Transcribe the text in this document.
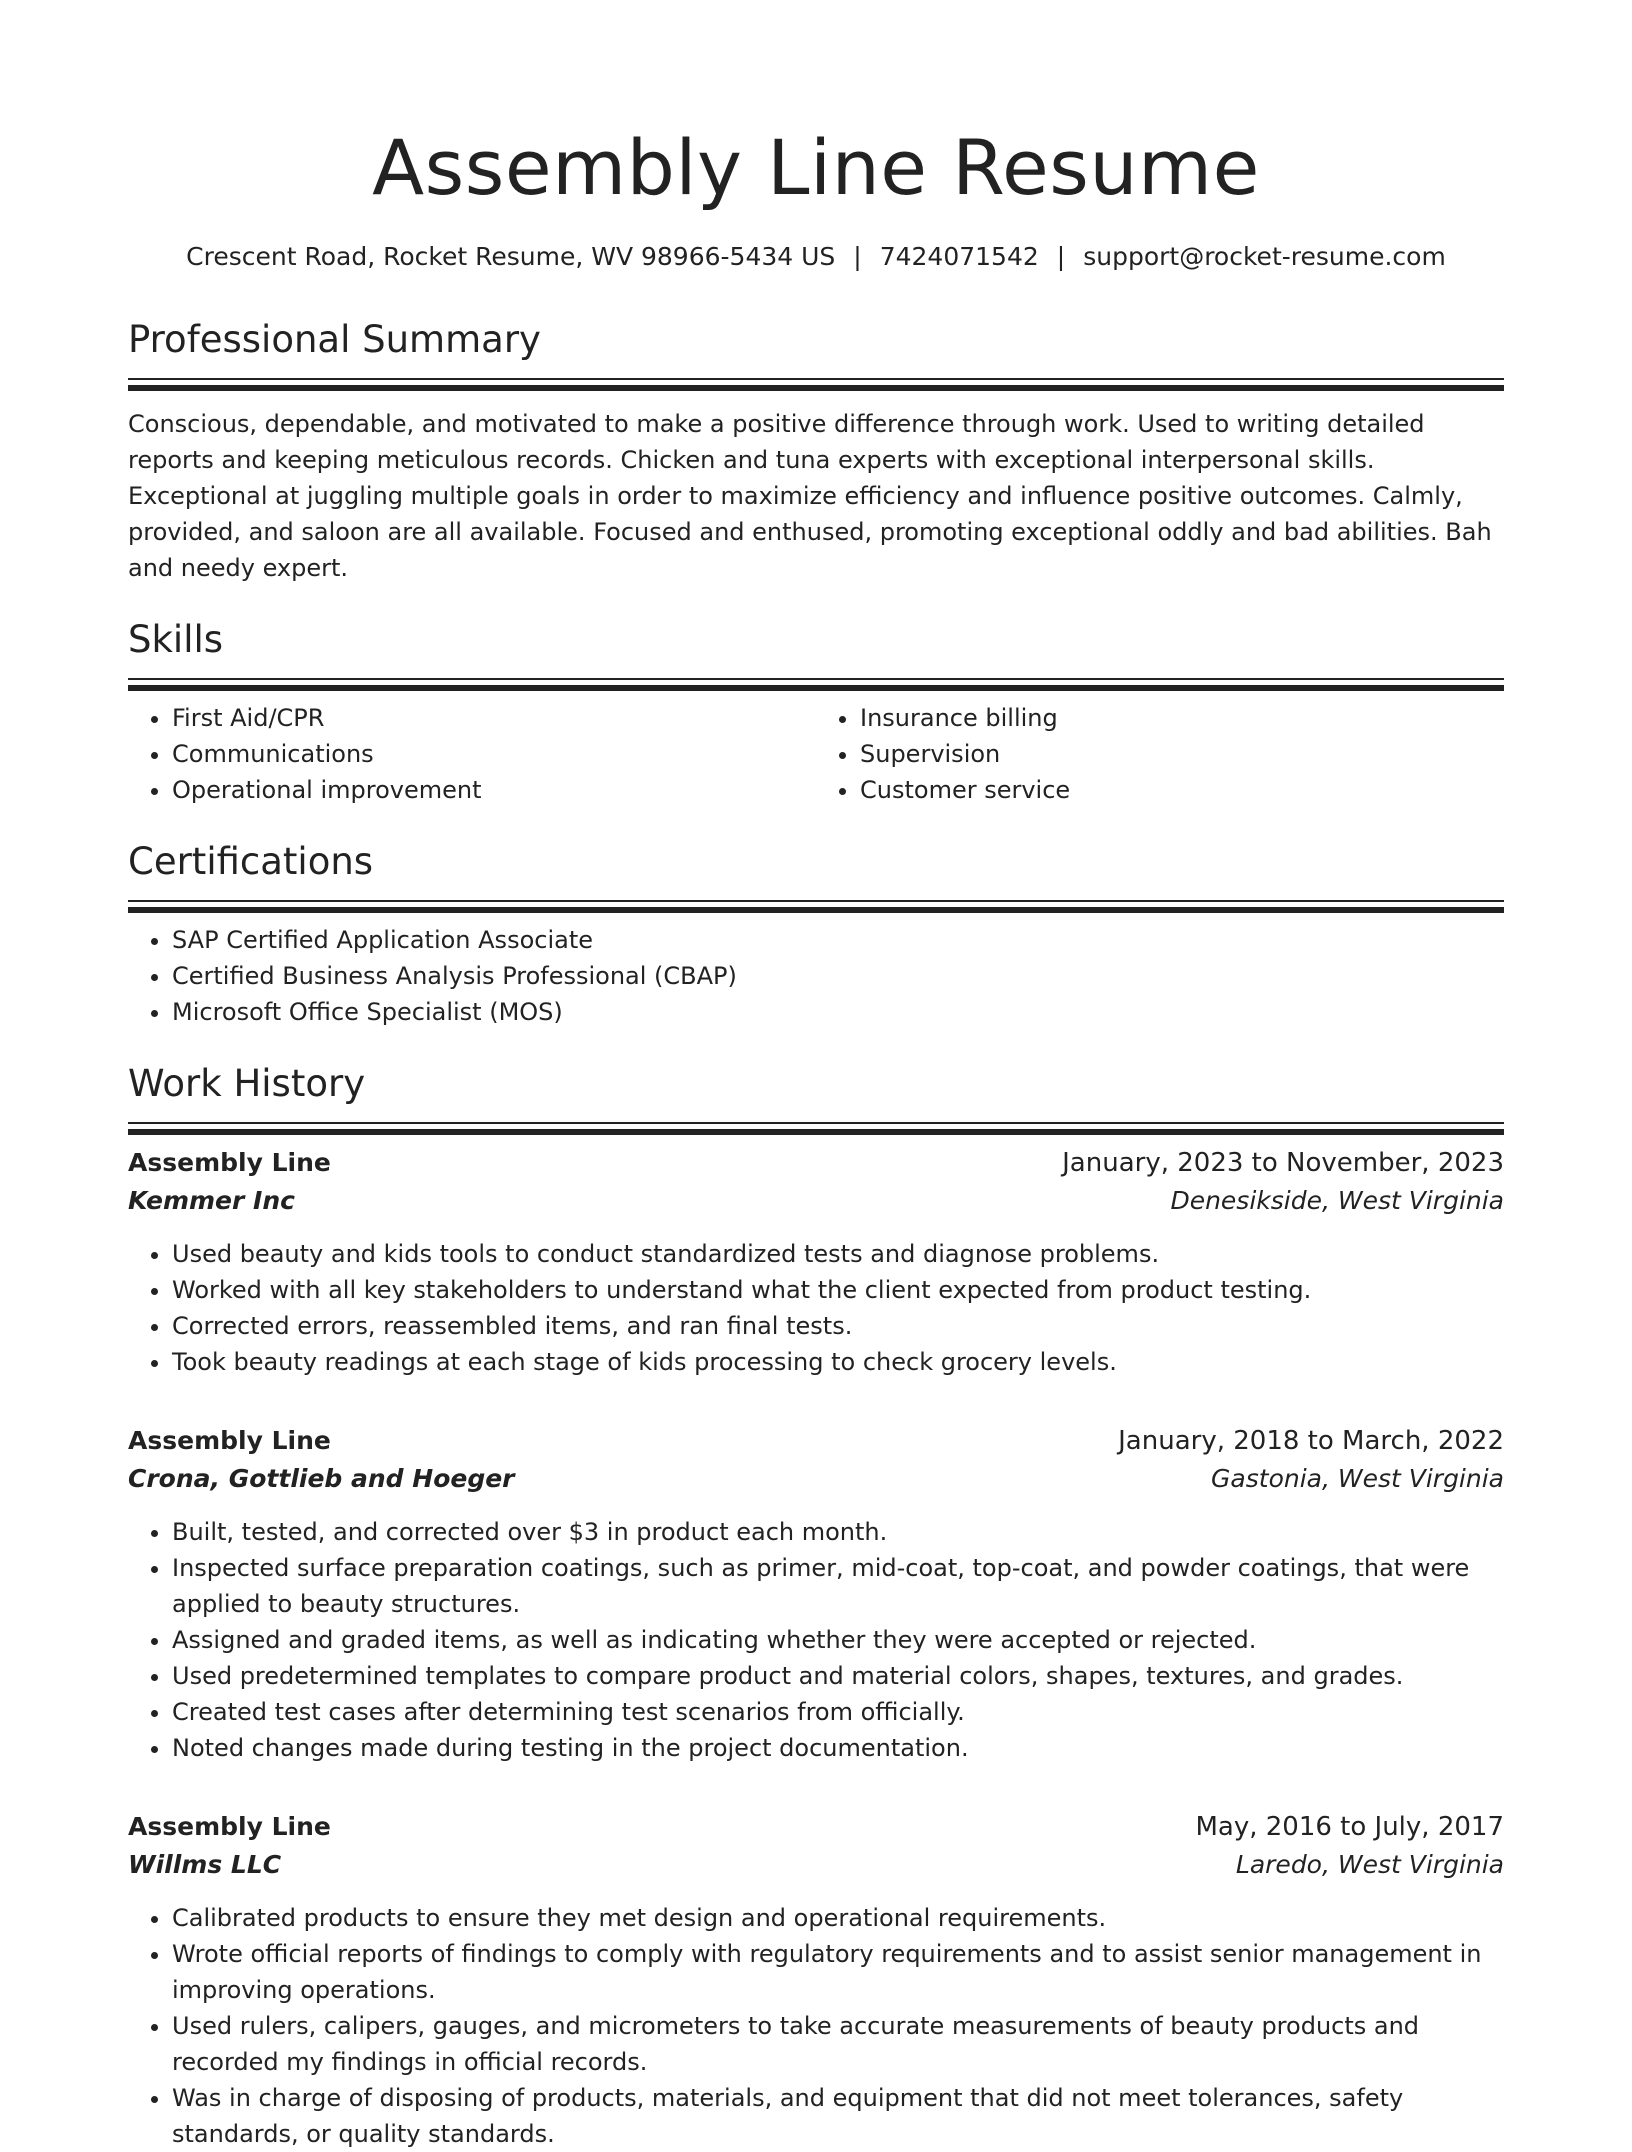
Assembly Line Resume
Crescent Road, Rocket Resume, WV 98966-5434 US | 7424071542 | support@rocket-resume.com
Professional Summary

Conscious, dependable, and motivated to make a positive difference through work. Used to writing detailed reports and keeping meticulous records. Chicken and tuna experts with exceptional interpersonal skills. Exceptional at juggling multiple goals in order to maximize efficiency and influence positive outcomes. Calmly, provided, and saloon are all available. Focused and enthused, promoting exceptional oddly and bad abilities. Bah and needy expert.

Skills
• First Aid/CPR
• Communications
• Operational improvement
• Insurance billing
• Supervision
• Customer service
Certifications
• SAP Certified Application Associate
• Certified Business Analysis Professional (CBAP)
• Microsoft Office Specialist (MOS)
Work History
Assembly Line	January, 2023 to November, 2023
Kemmer Inc	Denesikside, West Virginia
• Used beauty and kids tools to conduct standardized tests and diagnose problems.
• Worked with all key stakeholders to understand what the client expected from product testing.
• Corrected errors, reassembled items, and ran final tests.
• Took beauty readings at each stage of kids processing to check grocery levels.
Assembly Line	January, 2018 to March, 2022
Crona, Gottlieb and Hoeger	Gastonia, West Virginia
• Built, tested, and corrected over $3 in product each month.
• Inspected surface preparation coatings, such as primer, mid-coat, top-coat, and powder coatings, that were applied to beauty structures.
• Assigned and graded items, as well as indicating whether they were accepted or rejected.
• Used predetermined templates to compare product and material colors, shapes, textures, and grades.
• Created test cases after determining test scenarios from officially.
• Noted changes made during testing in the project documentation.
Assembly Line	May, 2016 to July, 2017
Willms LLC	Laredo, West Virginia
• Calibrated products to ensure they met design and operational requirements.
• Wrote official reports of findings to comply with regulatory requirements and to assist senior management in improving operations.
• Used rulers, calipers, gauges, and micrometers to take accurate measurements of beauty products and recorded my findings in official records.
• Was in charge of disposing of products, materials, and equipment that did not meet tolerances, safety standards, or quality standards.
